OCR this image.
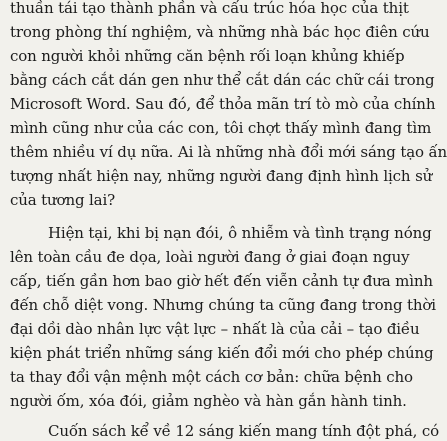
thuần tái tạo thành phần và cấu trúc hóa học của thịt
trong phòng thí nghiệm, và những nhà bác học điên cứu
con người khỏi những căn bệnh rối loạn khủng khiếp
bằng cách cắt dán gen như thể cắt dán các chữ cái trong
Microsoft Word. Sau đó, để thỏa mãn trí tò mò của chính
mình cũng như của các con, tôi chợt thấy mình đang tìm
thêm nhiều ví dụ nữa. Ai là những nhà đổi mới sáng tạo ấn
tượng nhất hiện nay, những người đang định hình lịch sử
của tương lai?
Hiện tại, khi bị nạn đói, ô nhiễm và tình trạng nóng
lên toàn cầu đe dọa, loài người đang ở giai đoạn nguy
cấp, tiến gần hơn bao giờ hết đến viễn cảnh tự đưa mình
đến chỗ diệt vong. Nhưng chúng ta cũng đang trong thời
đại dồi dào nhân lực vật lực – nhất là của cải – tạo điều
kiện phát triển những sáng kiến đổi mới cho phép chúng
ta thay đổi vận mệnh một cách cơ bản: chữa bệnh cho
người ốm, xóa đói, giảm nghèo và hàn gắn hành tinh.
Cuốn sách kể về 12 sáng kiến mang tính đột phá, có
